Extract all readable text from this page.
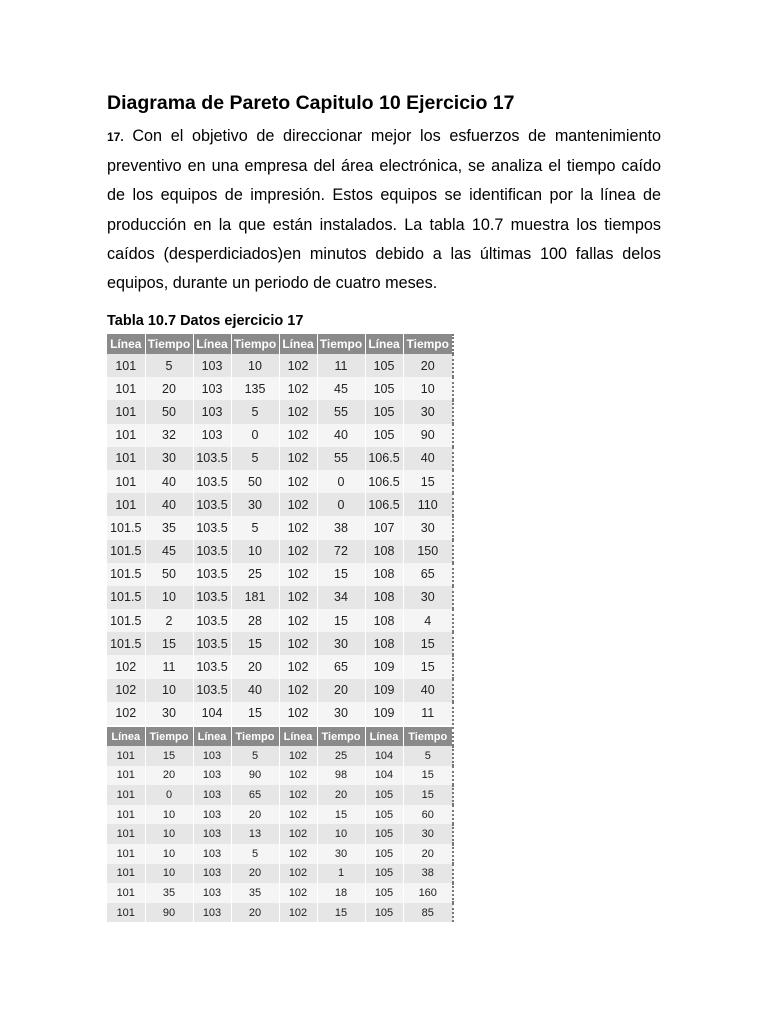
Diagrama de Pareto Capitulo 10 Ejercicio 17

17. Con el objetivo de direccionar mejor los esfuerzos de mantenimiento preventivo en una empresa del área electrónica, se analiza el tiempo caído de los equipos de impresión. Estos equipos se identifican por la línea de producción en la que están instalados. La tabla 10.7 muestra los tiempos caídos (desperdiciados)en minutos debido a las últimas 100 fallas delos equipos, durante un periodo de cuatro meses.

Tabla 10.7 Datos ejercicio 17
Línea	Tiempo	Línea	Tiempo	Línea	Tiempo	Línea	Tiempo
101	5	103	10	102	11	105	20
101	20	103	135	102	45	105	10
101	50	103	5	102	55	105	30
101	32	103	0	102	40	105	90
101	30	103.5	5	102	55	106.5	40
101	40	103.5	50	102	0	106.5	15
101	40	103.5	30	102	0	106.5	110
101.5	35	103.5	5	102	38	107	30
101.5	45	103.5	10	102	72	108	150
101.5	50	103.5	25	102	15	108	65
101.5	10	103.5	181	102	34	108	30
101.5	2	103.5	28	102	15	108	4
101.5	15	103.5	15	102	30	108	15
102	11	103.5	20	102	65	109	15
102	10	103.5	40	102	20	109	40
102	30	104	15	102	30	109	11
Línea	Tiempo	Línea	Tiempo	Línea	Tiempo	Línea	Tiempo
101	15	103	5	102	25	104	5
101	20	103	90	102	98	104	15
101	0	103	65	102	20	105	15
101	10	103	20	102	15	105	60
101	10	103	13	102	10	105	30
101	10	103	5	102	30	105	20
101	10	103	20	102	1	105	38
101	35	103	35	102	18	105	160
101	90	103	20	102	15	105	85
